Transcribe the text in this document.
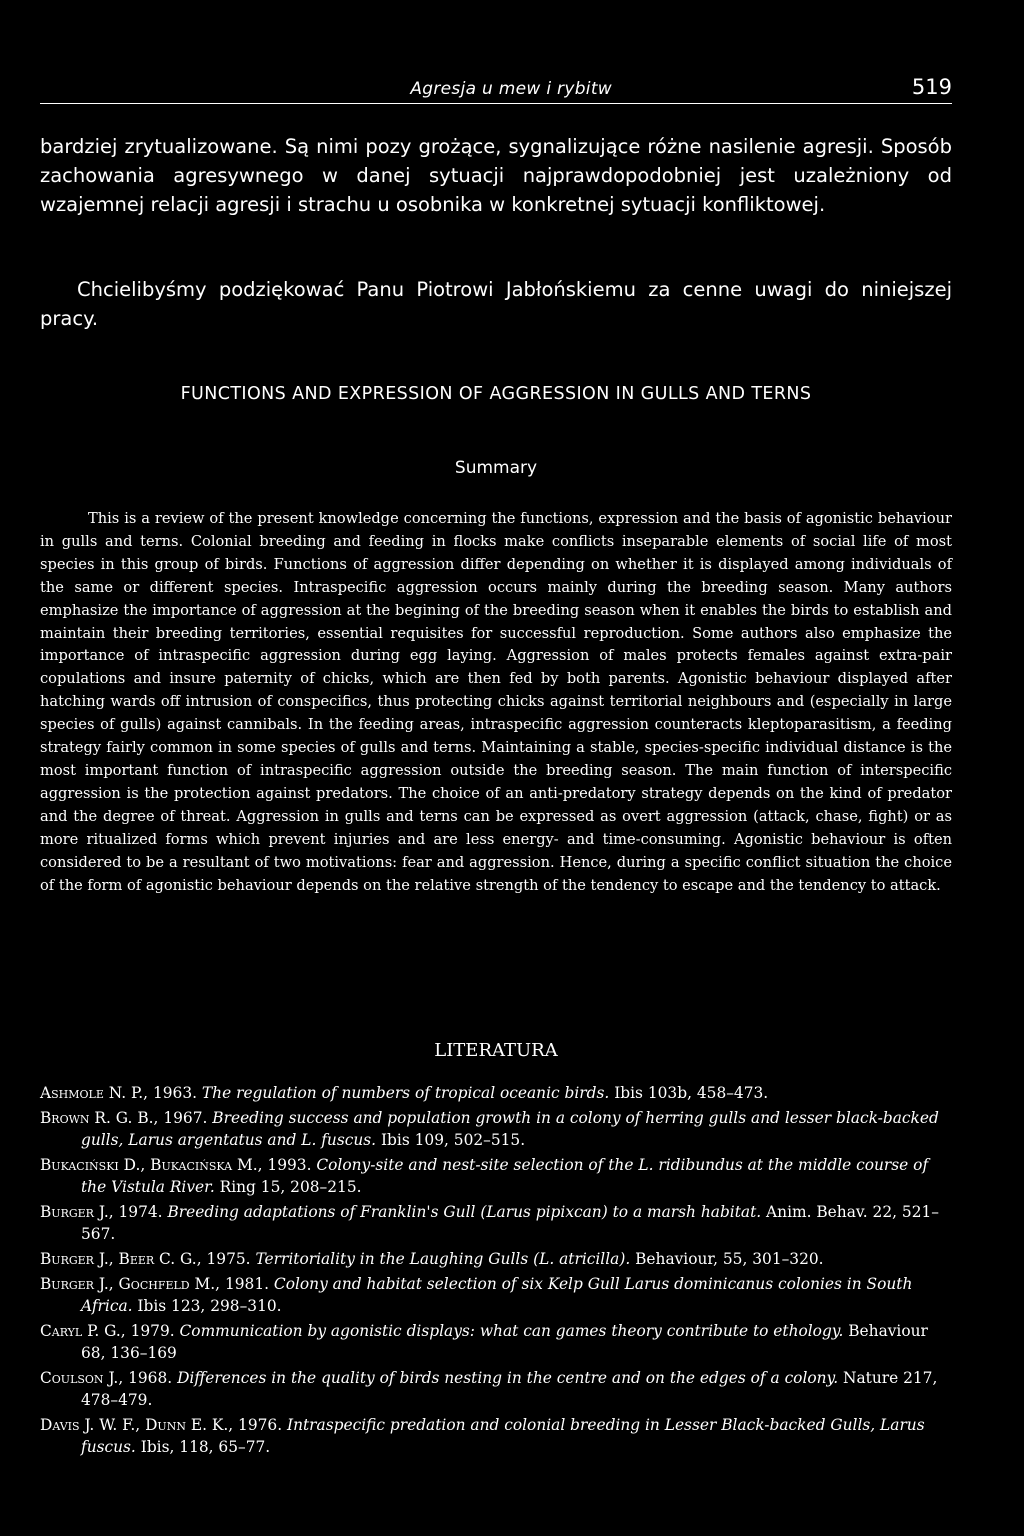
Agresja u mew i rybitw	519

bardziej zrytualizowane. Są nimi pozy grożące, sygnalizujące różne nasilenie agresji. Sposób zachowania agresywnego w danej sytuacji najprawdopodobniej jest uzależniony od wzajemnej relacji agresji i strachu u osobnika w konkretnej sytuacji konfliktowej.

Chcielibyśmy podziękować Panu Piotrowi Jabłońskiemu za cenne uwagi do niniejszej pracy.

FUNCTIONS AND EXPRESSION OF AGGRESSION IN GULLS AND TERNS
Summary

This is a review of the present knowledge concerning the functions, expression and the basis of agonistic behaviour in gulls and terns. Colonial breeding and feeding in flocks make conflicts inseparable elements of social life of most species in this group of birds. Functions of aggression differ depending on whether it is displayed among individuals of the same or different species. Intraspecific aggression occurs mainly during the breeding season. Many authors emphasize the importance of aggression at the begining of the breeding season when it enables the birds to establish and maintain their breeding territories, essential requisites for successful reproduction. Some authors also emphasize the importance of intraspecific aggression during egg laying. Aggression of males protects females against extra-pair copulations and insure paternity of chicks, which are then fed by both parents. Agonistic behaviour displayed after hatching wards off intrusion of conspecifics, thus protecting chicks against territorial neighbours and (especially in large species of gulls) against cannibals. In the feeding areas, intraspecific aggression counteracts kleptoparasitism, a feeding strategy fairly common in some species of gulls and terns. Maintaining a stable, species-specific individual distance is the most important function of intraspecific aggression outside the breeding season. The main function of interspecific aggression is the protection against predators. The choice of an anti-predatory strategy depends on the kind of predator and the degree of threat. Aggression in gulls and terns can be expressed as overt aggression (attack, chase, fight) or as more ritualized forms which prevent injuries and are less energy- and time-consuming. Agonistic behaviour is often considered to be a resultant of two motivations: fear and aggression. Hence, during a specific conflict situation the choice of the form of agonistic behaviour depends on the relative strength of the tendency to escape and the tendency to attack.

LITERATURA

Ashmole N. P., 1963. The regulation of numbers of tropical oceanic birds. Ibis 103b, 458–473.

Brown R. G. B., 1967. Breeding success and population growth in a colony of herring gulls and lesser black-backed gulls, Larus argentatus and L. fuscus. Ibis 109, 502–515.

Bukaciński D., Bukacińska M., 1993. Colony-site and nest-site selection of the L. ridibundus at the middle course of the Vistula River. Ring 15, 208–215.

Burger J., 1974. Breeding adaptations of Franklin's Gull (Larus pipixcan) to a marsh habitat. Anim. Behav. 22, 521–567.

Burger J., Beer C. G., 1975. Territoriality in the Laughing Gulls (L. atricilla). Behaviour, 55, 301–320.

Burger J., Gochfeld M., 1981. Colony and habitat selection of six Kelp Gull Larus dominicanus colonies in South Africa. Ibis 123, 298–310.

Caryl P. G., 1979. Communication by agonistic displays: what can games theory contribute to ethology. Behaviour 68, 136–169

Coulson J., 1968. Differences in the quality of birds nesting in the centre and on the edges of a colony. Nature 217, 478–479.

Davis J. W. F., Dunn E. K., 1976. Intraspecific predation and colonial breeding in Lesser Black-backed Gulls, Larus fuscus. Ibis, 118, 65–77.
